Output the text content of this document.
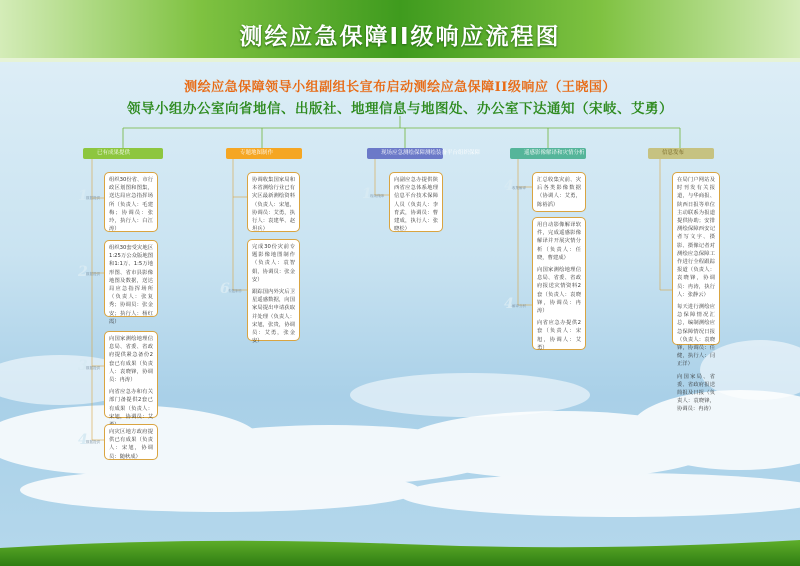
测绘应急保障II级响应流程图
测绘应急保障领导小组副组长宣布启动测绘应急保障II级响应（王晓国）
领导小组办公室向省地信、出版社、地理信息与地图处、办公室下达通知（宋岐、艾勇）
已有成果提供	专题地图制作	现场应急测绘保障测绘装备平台组织保障	遥感影像解译和灾情分析	信息发布
1
数据提供
组织30份省、市行政区划图和图集，送达局应急指挥场所（负责人：毛建梅；协调员：张玲，执行人：白江涛）
2
数据提供
组织30套受灾地区1:25万公众版地图和1:1万、1:5万地形图、省市县影像地图及数据，送达局应急指挥场所（负责人：张复秀；协调员：张金安；执行人：杨红霞）
3
数据提供
向国家测绘地理信息局、省委、省政府提供紧急备份2套已有成果（负责人：袁晓锋，协调员：冉涛）
向省应急办和有关部门备提供2套已有成果（负责人：宋旭，协调员：艾
4
数据提供
向灾区地方政府提供已有成果（负责人：宋旭，协调员：随秋成）
协调收集国家局和本省测绘行业已有灾区最新测绘资料（负责人：宋旭，协调员：艾勇，执行人：袁建华、赵坦兵）
6
专题制作
完成30份灾前专题影像地图制作（负责人：袁智娟，协调员：张金安）
跟踪国内外灾后卫星遥感数据，向国家局提出申请获取并处理（负责人：宋旭，张贵，协调员：艾勇，张金安）
1
现场保障
向副应急办提供陕西省应急体系地理信息平台技术保障人员（负责人：李育武，协调员：曹建成，执行人：张晓松）
4
收集解译
汇总收集灾前、灾后各类影像数据（协调人：艾勇，陈裕滔）
4
解译分析
用自动影像解译软件，完成遥感影像解译并开展灾情分析（负责人：任晓，曹建成）
向国家测绘地理信息局、省委、省政府报送灾情资料2套（负责人：袁晓锋，协调员：冉涛）
向省应急办提供2套（负责人：宋旭，协调人：艾勇）
在局门户网站及时刊发有关报道，与华商报、陕西日报等单位主动联系为报道提供协助；安排测绘保障西安记者写文字、摄影、摄像记者对测绘应急保障工作进行全程跟踪报道（负责人：袁晓锋，协调员：冉涛，执行人：张静云）
每天进行测绘应急保障情况汇总，编制测绘应急保障情况日报（负责人：袁晓锋，协调员：任健，执行人：闫正洋）
向国家局、省委、省政府报送简报及日报（负责人：袁晓锋，协调员：冉涛）
